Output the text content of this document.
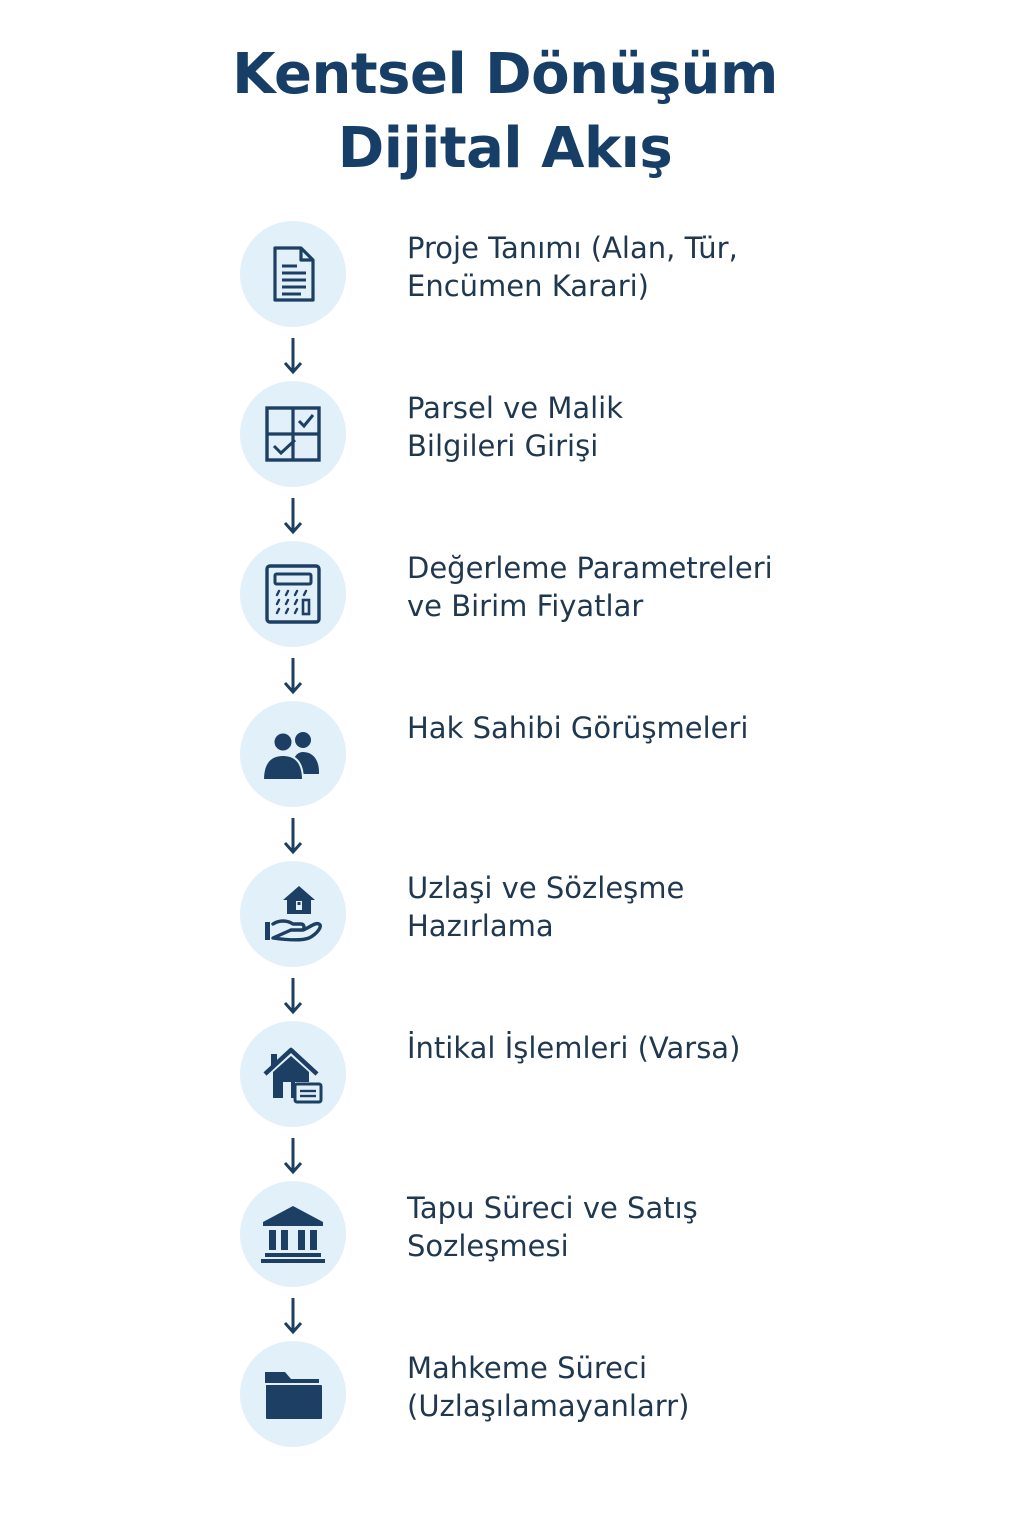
Kentsel Dönüşüm
Dijital Akış
Proje Tanımı (Alan, Tür,
Encümen Karari)
Parsel ve Malik
Bilgileri Girişi
Değerleme Parametreleri
ve Birim Fiyatlar
Hak Sahibi Görüşmeleri
Uzlaşi ve Sözleşme
Hazırlama
İntikal İşlemleri (Varsa)
Tapu Süreci ve Satış
Sozleşmesi
Mahkeme Süreci
(Uzlaşılamayanlarr)
